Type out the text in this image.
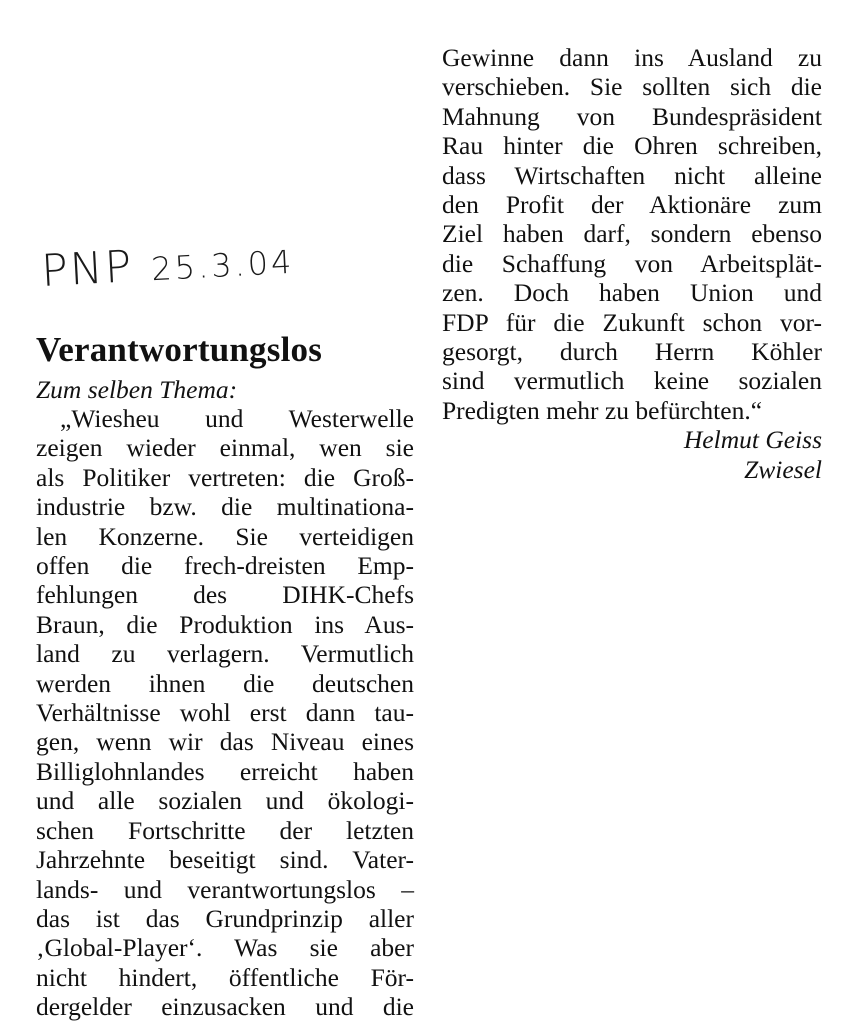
PNP 25.3.04
Verantwortungslos

Zum selben Thema:

„Wiesheu und Westerwelle
zeigen wieder einmal, wen sie
als Politiker vertreten: die Groß-
industrie bzw. die multinationa-
len Konzerne. Sie verteidigen
offen die frech-dreisten Emp-
fehlungen des DIHK-Chefs
Braun, die Produktion ins Aus-
land zu verlagern. Vermutlich
werden ihnen die deutschen
Verhältnisse wohl erst dann tau-
gen, wenn wir das Niveau eines
Billiglohnlandes erreicht haben
und alle sozialen und ökologi-
schen Fortschritte der letzten
Jahrzehnte beseitigt sind. Vater-
lands- und verantwortungslos –
das ist das Grundprinzip aller
‚Global-Player‘. Was sie aber
nicht hindert, öffentliche För-
dergelder einzusacken und die
Gewinne dann ins Ausland zu
verschieben. Sie sollten sich die
Mahnung von Bundespräsident
Rau hinter die Ohren schreiben,
dass Wirtschaften nicht alleine
den Profit der Aktionäre zum
Ziel haben darf, sondern ebenso
die Schaffung von Arbeitsplät-
zen. Doch haben Union und
FDP für die Zukunft schon vor-
gesorgt, durch Herrn Köhler
sind vermutlich keine sozialen
Predigten mehr zu befürchten.“
Helmut Geiss
Zwiesel
